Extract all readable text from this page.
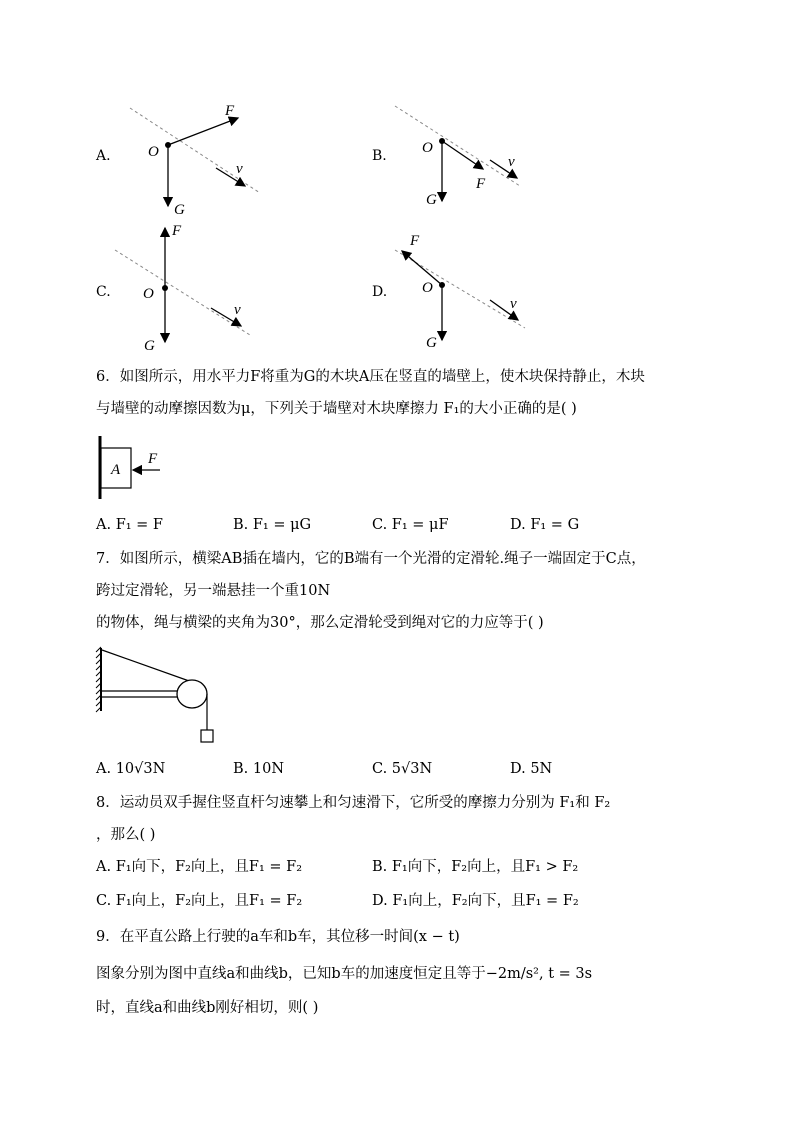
A.
F
O
G
v
B. O
F
G
v
C.
F
O
G
v
D.
F
O
G
v
6．如图所示，用水平力F将重为G的木块A压在竖直的墙壁上，使木块保持静止，木块
与墙壁的动摩擦因数为μ，下列关于墙壁对木块摩擦力 F₁的大小正确的是( )
A
F
A. F₁ = F	B. F₁ = μG	C. F₁ = μF	D. F₁ = G
7．如图所示，横梁AB插在墙内，它的B端有一个光滑的定滑轮.绳子一端固定于C点，
跨过定滑轮，另一端悬挂一个重10N
的物体，绳与横梁的夹角为30°，那么定滑轮受到绳对它的力应等于( )
A. 10√3N	B. 10N	C. 5√3N	D. 5N
8．运动员双手握住竖直杆匀速攀上和匀速滑下，它所受的摩擦力分别为 F₁和 F₂
，那么( )
A. F₁向下，F₂向上，且F₁ = F₂	B. F₁向下，F₂向上，且F₁ > F₂
C. F₁向上，F₂向上，且F₁ = F₂	D. F₁向上，F₂向下，且F₁ = F₂
9．在平直公路上行驶的a车和b车，其位移一时间(x − t)
图象分别为图中直线a和曲线b，已知b车的加速度恒定且等于−2m/s², t = 3s
时，直线a和曲线b刚好相切，则( )
